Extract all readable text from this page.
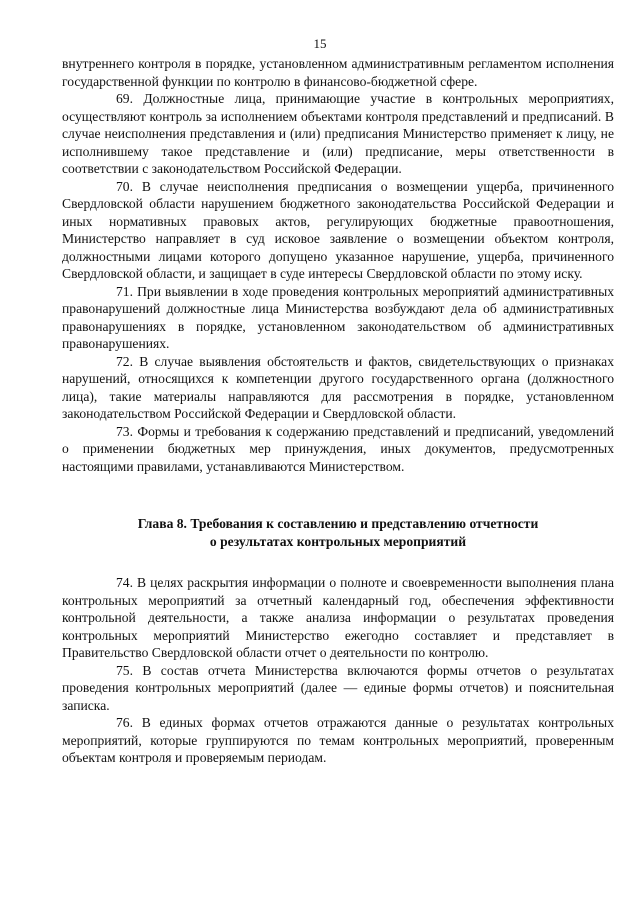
15

внутреннего контроля в порядке, установленном административным регламентом исполнения государственной функции по контролю в финансово-бюджетной сфере.

69. Должностные лица, принимающие участие в контрольных мероприятиях, осуществляют контроль за исполнением объектами контроля представлений и предписаний. В случае неисполнения представления и (или) предписания Министерство применяет к лицу, не исполнившему такое представление и (или) предписание, меры ответственности в соответствии с законодательством Российской Федерации.

70. В случае неисполнения предписания о возмещении ущерба, причиненного Свердловской области нарушением бюджетного законодательства Российской Федерации и иных нормативных правовых актов, регулирующих бюджетные правоотношения, Министерство направляет в суд исковое заявление о возмещении объектом контроля, должностными лицами которого допущено указанное нарушение, ущерба, причиненного Свердловской области, и защищает в суде интересы Свердловской области по этому иску.

71. При выявлении в ходе проведения контрольных мероприятий административных правонарушений должностные лица Министерства возбуждают дела об административных правонарушениях в порядке, установленном законодательством об административных правонарушениях.

72. В случае выявления обстоятельств и фактов, свидетельствующих о признаках нарушений, относящихся к компетенции другого государственного органа (должностного лица), такие материалы направляются для рассмотрения в порядке, установленном законодательством Российской Федерации и Свердловской области.

73. Формы и требования к содержанию представлений и предписаний, уведомлений о применении бюджетных мер принуждения, иных документов, предусмотренных настоящими правилами, устанавливаются Министерством.

Глава 8. Требования к составлению и представлению отчетности
о результатах контрольных мероприятий

74. В целях раскрытия информации о полноте и своевременности выполнения плана контрольных мероприятий за отчетный календарный год, обеспечения эффективности контрольной деятельности, а также анализа информации о результатах проведения контрольных мероприятий Министерство ежегодно составляет и представляет в Правительство Свердловской области отчет о деятельности по контролю.

75. В состав отчета Министерства включаются формы отчетов о результатах проведения контрольных мероприятий (далее — единые формы отчетов) и пояснительная записка.

76. В единых формах отчетов отражаются данные о результатах контрольных мероприятий, которые группируются по темам контрольных мероприятий, проверенным объектам контроля и проверяемым периодам.
